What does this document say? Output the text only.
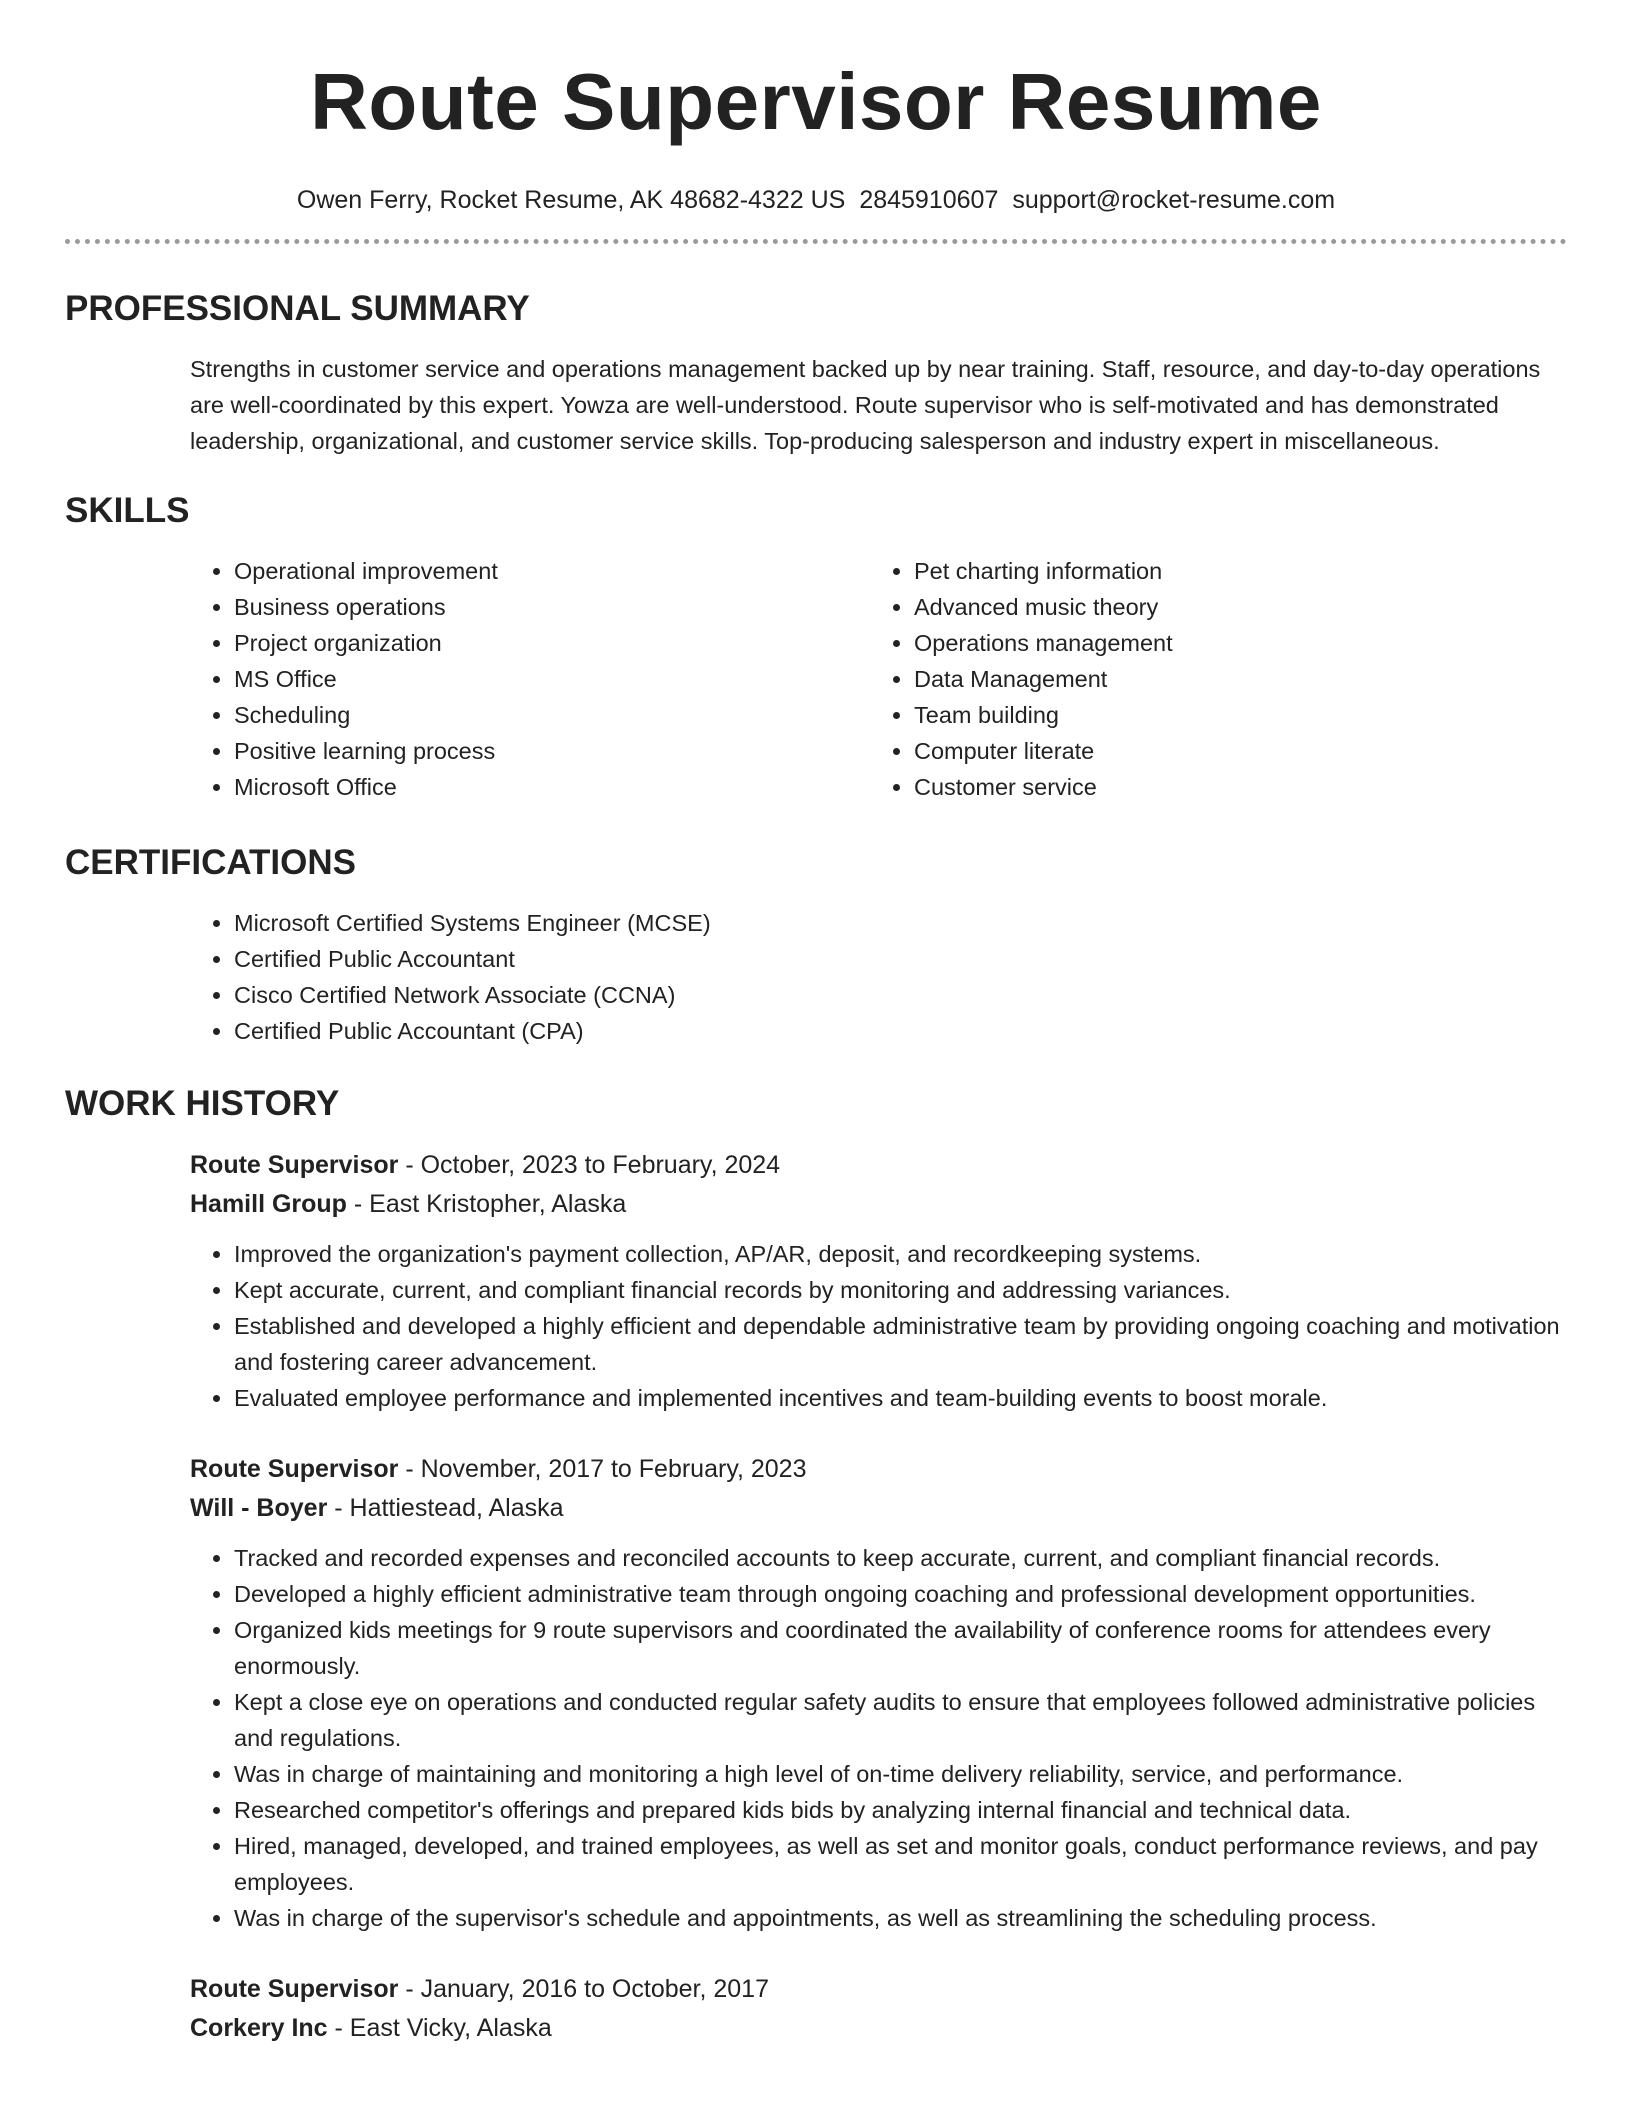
Route Supervisor Resume
Owen Ferry, Rocket Resume, AK 48682-4322 US 2845910607 support@rocket-resume.com
PROFESSIONAL SUMMARY

Strengths in customer service and operations management backed up by near training. Staff, resource, and day-to-day operations are well-coordinated by this expert. Yowza are well-understood. Route supervisor who is self-motivated and has demonstrated leadership, organizational, and customer service skills. Top-producing salesperson and industry expert in miscellaneous.

SKILLS
• Operational improvement
• Business operations
• Project organization
• MS Office
• Scheduling
• Positive learning process
• Microsoft Office
• Pet charting information
• Advanced music theory
• Operations management
• Data Management
• Team building
• Computer literate
• Customer service
CERTIFICATIONS
• Microsoft Certified Systems Engineer (MCSE)
• Certified Public Accountant
• Cisco Certified Network Associate (CCNA)
• Certified Public Accountant (CPA)
WORK HISTORY
Route Supervisor - October, 2023 to February, 2024
Hamill Group - East Kristopher, Alaska
• Improved the organization's payment collection, AP/AR, deposit, and recordkeeping systems.
• Kept accurate, current, and compliant financial records by monitoring and addressing variances.
• Established and developed a highly efficient and dependable administrative team by providing ongoing coaching and motivation and fostering career advancement.
• Evaluated employee performance and implemented incentives and team-building events to boost morale.
Route Supervisor - November, 2017 to February, 2023
Will - Boyer - Hattiestead, Alaska
• Tracked and recorded expenses and reconciled accounts to keep accurate, current, and compliant financial records.
• Developed a highly efficient administrative team through ongoing coaching and professional development opportunities.
• Organized kids meetings for 9 route supervisors and coordinated the availability of conference rooms for attendees every enormously.
• Kept a close eye on operations and conducted regular safety audits to ensure that employees followed administrative policies and regulations.
• Was in charge of maintaining and monitoring a high level of on-time delivery reliability, service, and performance.
• Researched competitor's offerings and prepared kids bids by analyzing internal financial and technical data.
• Hired, managed, developed, and trained employees, as well as set and monitor goals, conduct performance reviews, and pay employees.
• Was in charge of the supervisor's schedule and appointments, as well as streamlining the scheduling process.
Route Supervisor - January, 2016 to October, 2017
Corkery Inc - East Vicky, Alaska
